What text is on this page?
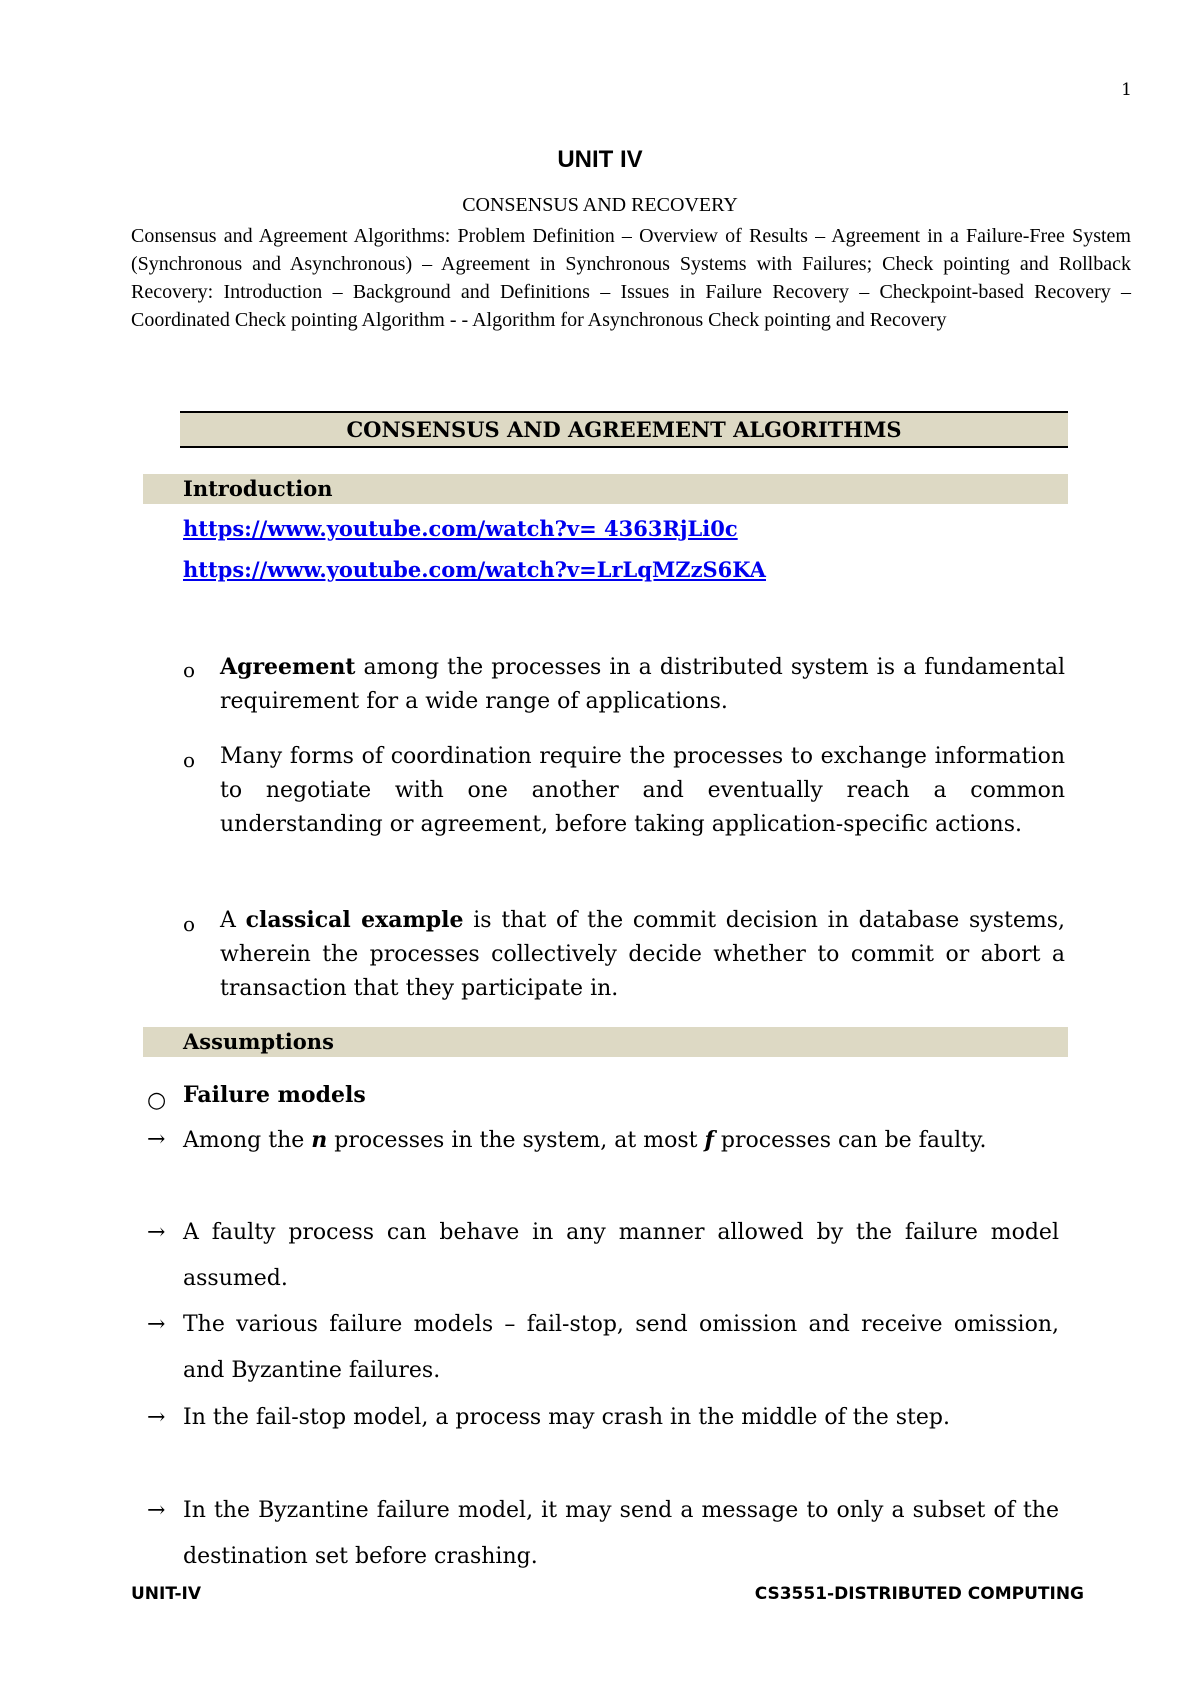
1
UNIT IV
CONSENSUS AND RECOVERY
Consensus and Agreement Algorithms: Problem Definition – Overview of Results – Agreement in a Failure-Free System (Synchronous and Asynchronous) – Agreement in Synchronous Systems with Failures; Check pointing and Rollback Recovery: Introduction – Background and Definitions – Issues in Failure Recovery – Checkpoint-based Recovery – Coordinated Check pointing Algorithm - - Algorithm for Asynchronous Check pointing and Recovery
CONSENSUS AND AGREEMENT ALGORITHMS
Introduction
https://www.youtube.com/watch?v= 4363RjLi0c
https://www.youtube.com/watch?v=LrLqMZzS6KA
o Agreement among the processes in a distributed system is a fundamental requirement for a wide range of applications.
o Many forms of coordination require the processes to exchange information to negotiate with one another and eventually reach a common understanding or agreement, before taking application-specific actions.
o A classical example is that of the commit decision in database systems, wherein the processes collectively decide whether to commit or abort a transaction that they participate in.
Assumptions
○ Failure models
→ Among the n processes in the system, at most f processes can be faulty.
→ A faulty process can behave in any manner allowed by the failure model assumed.
→ The various failure models – fail-stop, send omission and receive omission, and Byzantine failures.
→ In the fail-stop model, a process may crash in the middle of the step.
→ In the Byzantine failure model, it may send a message to only a subset of the destination set before crashing.
UNIT-IV	CS3551-DISTRIBUTED COMPUTING
